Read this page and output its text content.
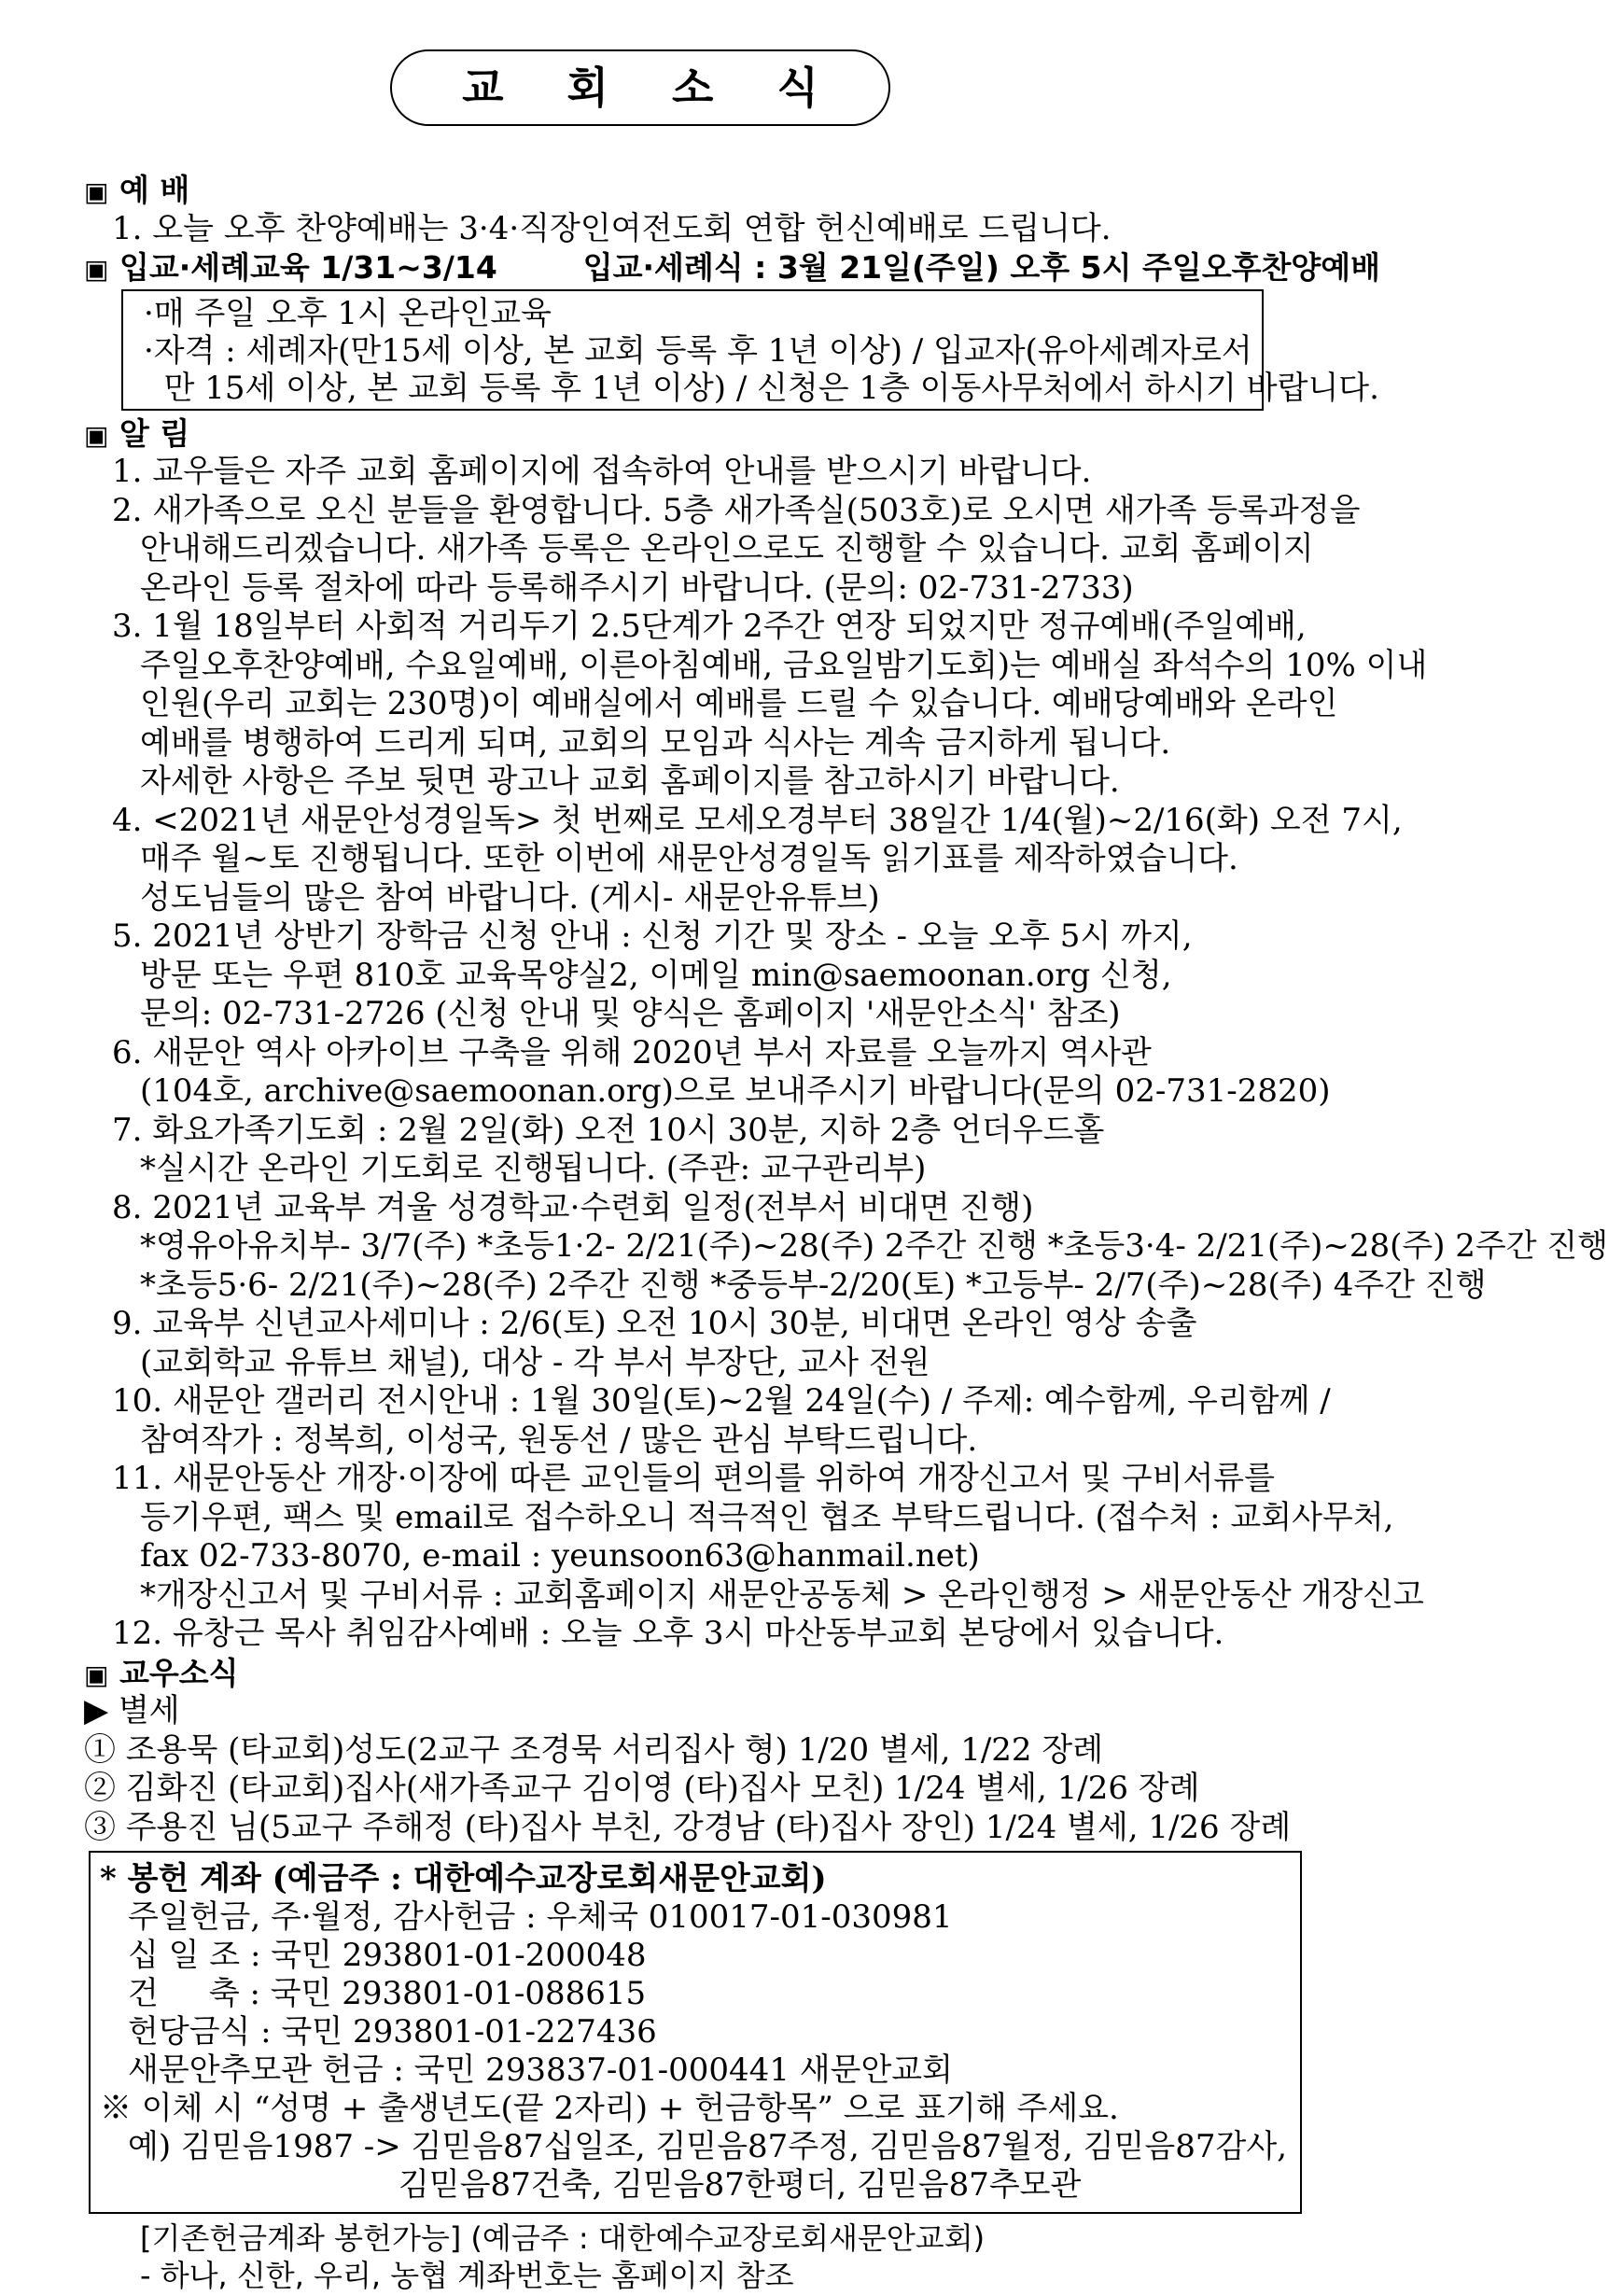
교 회 소 식
▣ 예 배
1. 오늘 오후 찬양예배는 3·4·직장인여전도회 연합 헌신예배로 드립니다.
▣ 입교·세례교육 1/31~3/14        입교·세례식 : 3월 21일(주일) 오후 5시 주일오후찬양예배
·매 주일 오후 1시 온라인교육
·자격 : 세례자(만15세 이상, 본 교회 등록 후 1년 이상) / 입교자(유아세례자로서
만 15세 이상, 본 교회 등록 후 1년 이상) / 신청은 1층 이동사무처에서 하시기 바랍니다.
▣ 알 림
1. 교우들은 자주 교회 홈페이지에 접속하여 안내를 받으시기 바랍니다.
2. 새가족으로 오신 분들을 환영합니다. 5층 새가족실(503호)로 오시면 새가족 등록과정을
안내해드리겠습니다. 새가족 등록은 온라인으로도 진행할 수 있습니다. 교회 홈페이지
온라인 등록 절차에 따라 등록해주시기 바랍니다. (문의: 02-731-2733)
3. 1월 18일부터 사회적 거리두기 2.5단계가 2주간 연장 되었지만 정규예배(주일예배,
주일오후찬양예배, 수요일예배, 이른아침예배, 금요일밤기도회)는 예배실 좌석수의 10% 이내
인원(우리 교회는 230명)이 예배실에서 예배를 드릴 수 있습니다. 예배당예배와 온라인
예배를 병행하여 드리게 되며, 교회의 모임과 식사는 계속 금지하게 됩니다.
자세한 사항은 주보 뒷면 광고나 교회 홈페이지를 참고하시기 바랍니다.
4. <2021년 새문안성경일독> 첫 번째로 모세오경부터 38일간 1/4(월)~2/16(화) 오전 7시,
매주 월~토 진행됩니다. 또한 이번에 새문안성경일독 읽기표를 제작하였습니다.
성도님들의 많은 참여 바랍니다. (게시- 새문안유튜브)
5. 2021년 상반기 장학금 신청 안내 : 신청 기간 및 장소 - 오늘 오후 5시 까지,
방문 또는 우편 810호 교육목양실2, 이메일 min@saemoonan.org 신청,
문의: 02-731-2726 (신청 안내 및 양식은 홈페이지 '새문안소식' 참조)
6. 새문안 역사 아카이브 구축을 위해 2020년 부서 자료를 오늘까지 역사관
(104호, archive@saemoonan.org)으로 보내주시기 바랍니다(문의 02-731-2820)
7. 화요가족기도회 : 2월 2일(화) 오전 10시 30분, 지하 2층 언더우드홀
*실시간 온라인 기도회로 진행됩니다. (주관: 교구관리부)
8. 2021년 교육부 겨울 성경학교·수련회 일정(전부서 비대면 진행)
*영유아유치부- 3/7(주) *초등1·2- 2/21(주)~28(주) 2주간 진행 *초등3·4- 2/21(주)~28(주) 2주간 진행
*초등5·6- 2/21(주)~28(주) 2주간 진행 *중등부-2/20(토) *고등부- 2/7(주)~28(주) 4주간 진행
9. 교육부 신년교사세미나 : 2/6(토) 오전 10시 30분, 비대면 온라인 영상 송출
(교회학교 유튜브 채널), 대상 - 각 부서 부장단, 교사 전원
10. 새문안 갤러리 전시안내 : 1월 30일(토)~2월 24일(수) / 주제: 예수함께, 우리함께 /
참여작가 : 정복희, 이성국, 원동선 / 많은 관심 부탁드립니다.
11. 새문안동산 개장·이장에 따른 교인들의 편의를 위하여 개장신고서 및 구비서류를
등기우편, 팩스 및 email로 접수하오니 적극적인 협조 부탁드립니다. (접수처 : 교회사무처,
fax 02-733-8070, e-mail : yeunsoon63@hanmail.net)
*개장신고서 및 구비서류 : 교회홈페이지 새문안공동체 > 온라인행정 > 새문안동산 개장신고
12. 유창근 목사 취임감사예배 : 오늘 오후 3시 마산동부교회 본당에서 있습니다.
▣ 교우소식
▶ 별세
① 조용묵 (타교회)성도(2교구 조경묵 서리집사 형) 1/20 별세, 1/22 장례
② 김화진 (타교회)집사(새가족교구 김이영 (타)집사 모친) 1/24 별세, 1/26 장례
③ 주용진 님(5교구 주해정 (타)집사 부친, 강경남 (타)집사 장인) 1/24 별세, 1/26 장례
* 봉헌 계좌 (예금주 : 대한예수교장로회새문안교회)
주일헌금, 주·월정, 감사헌금 : 우체국 010017-01-030981
십 일 조 : 국민 293801-01-200048
건     축 : 국민 293801-01-088615
헌당금식 : 국민 293801-01-227436
새문안추모관 헌금 : 국민 293837-01-000441 새문안교회
※ 이체 시 “성명 + 출생년도(끝 2자리) + 헌금항목” 으로 표기해 주세요.
예) 김믿음1987 -> 김믿음87십일조, 김믿음87주정, 김믿음87월정, 김믿음87감사,
김믿음87건축, 김믿음87한평더, 김믿음87추모관
[기존헌금계좌 봉헌가능] (예금주 : 대한예수교장로회새문안교회)
- 하나, 신한, 우리, 농협 계좌번호는 홈페이지 참조
